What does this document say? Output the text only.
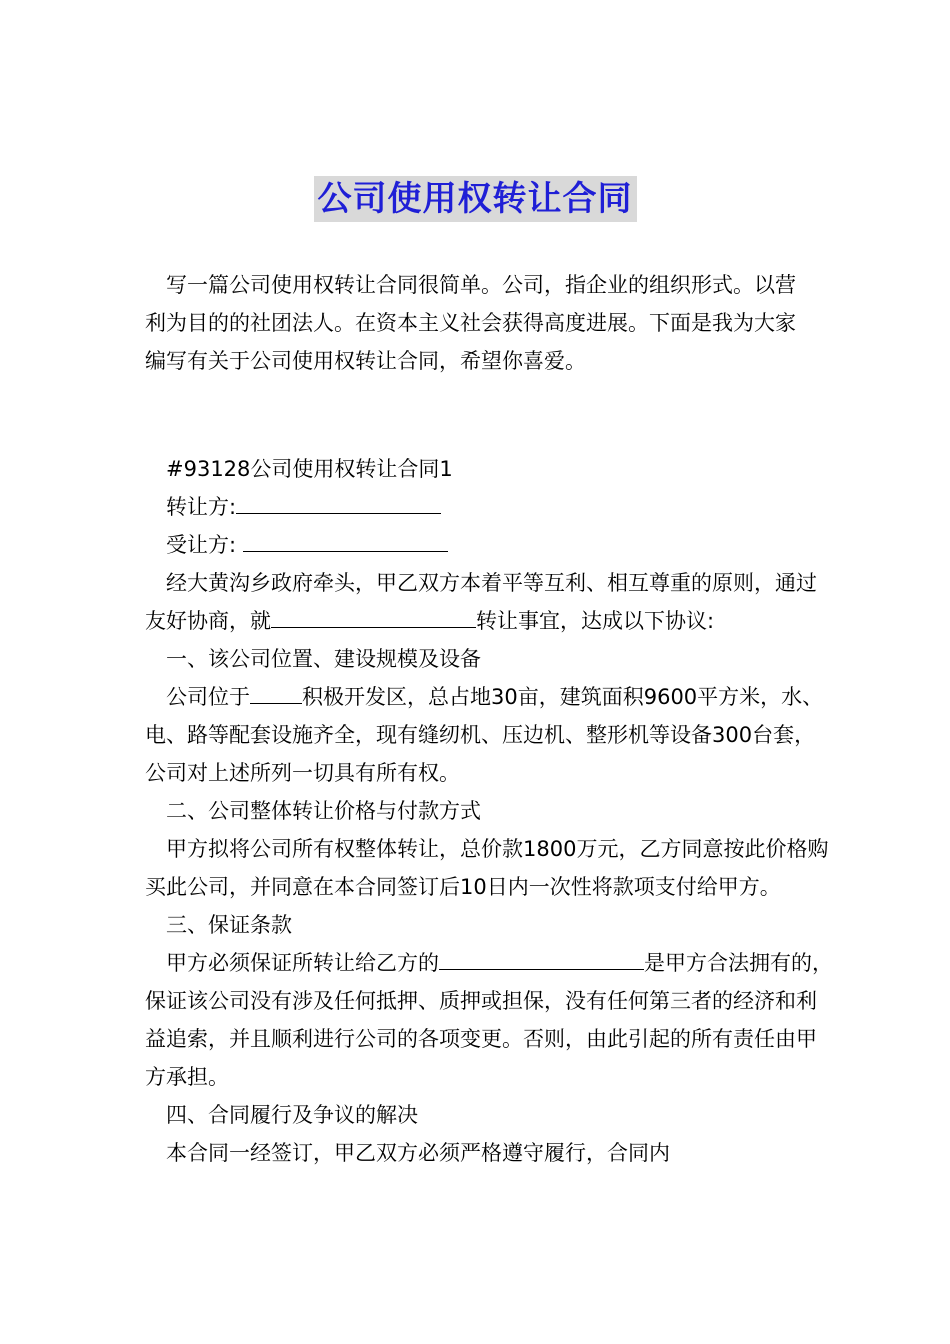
公司使用权转让合同

写一篇公司使用权转让合同很简单。公司，指企业的组织形式。以营利为目的的社团法人。在资本主义社会获得高度进展。下面是我为大家编写有关于公司使用权转让合同，希望你喜爱。

#93128公司使用权转让合同1

转让方:

受让方:

经大黄沟乡政府牵头，甲乙双方本着平等互利、相互尊重的原则，通过友好协商，就	转让事宜，达成以下协议:

一、该公司位置、建设规模及设备

公司位于 积极开发区，总占地30亩，建筑面积9600平方米，水、电、路等配套设施齐全，现有缝纫机、压边机、整形机等设备300台套，公司对上述所列一切具有所有权。

二、公司整体转让价格与付款方式

甲方拟将公司所有权整体转让，总价款1800万元，乙方同意按此价格购买此公司，并同意在本合同签订后10日内一次性将款项支付给甲方。

三、保证条款

甲方必须保证所转让给乙方的	是甲方合法拥有的，保证该公司没有涉及任何抵押、质押或担保，没有任何第三者的经济和利益追索，并且顺利进行公司的各项变更。否则，由此引起的所有责任由甲方承担。

四、合同履行及争议的解决

本合同一经签订，甲乙双方必须严格遵守履行，合同内
